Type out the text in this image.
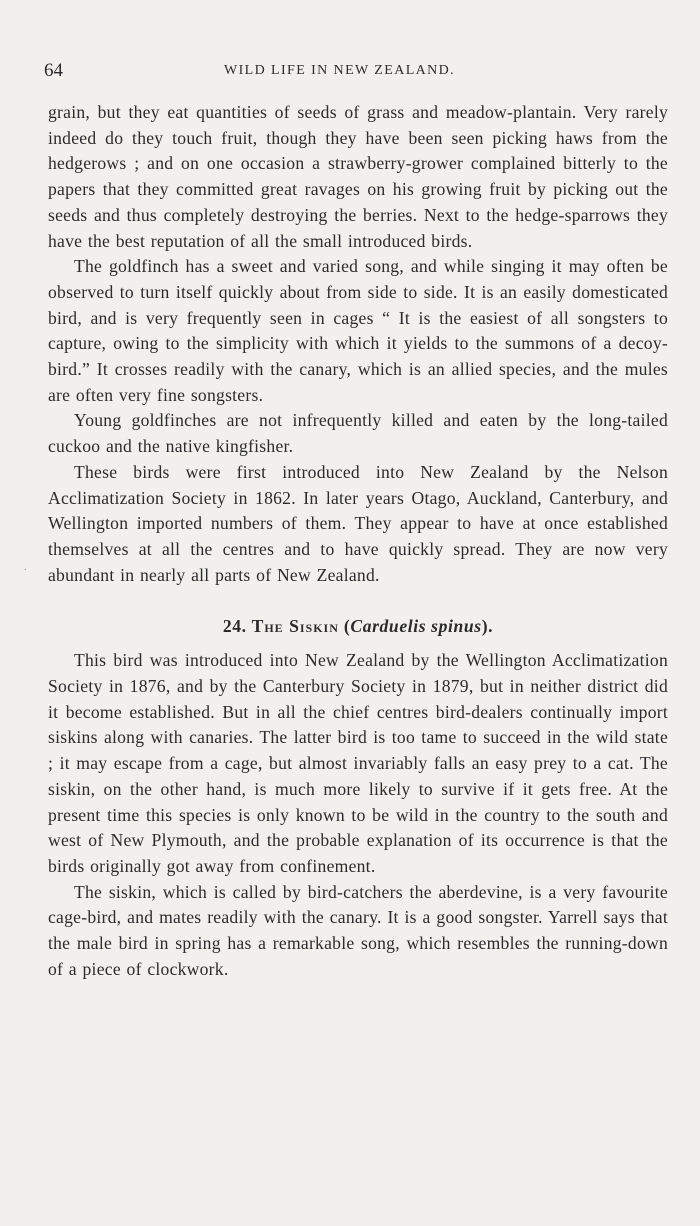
64	WILD LIFE IN NEW ZEALAND.
.

grain, but they eat quantities of seeds of grass and meadow-plantain. Very rarely indeed do they touch fruit, though they have been seen picking haws from the hedgerows ; and on one occasion a strawberry-grower complained bitterly to the papers that they committed great ravages on his growing fruit by picking out the seeds and thus completely destroying the berries. Next to the hedge-sparrows they have the best reputation of all the small introduced birds.

The goldfinch has a sweet and varied song, and while singing it may often be observed to turn itself quickly about from side to side. It is an easily domesticated bird, and is very frequently seen in cages “ It is the easiest of all songsters to capture, owing to the simplicity with which it yields to the summons of a decoy-bird.” It crosses readily with the canary, which is an allied species, and the mules are often very fine songsters.

Young goldfinches are not infrequently killed and eaten by the long-tailed cuckoo and the native kingfisher.

These birds were first introduced into New Zealand by the Nelson Acclimatization Society in 1862. In later years Otago, Auckland, Canterbury, and Wellington imported numbers of them. They appear to have at once established themselves at all the centres and to have quickly spread. They are now very abundant in nearly all parts of New Zealand.

24. The Siskin (Carduelis spinus).

This bird was introduced into New Zealand by the Wellington Acclimatization Society in 1876, and by the Canterbury Society in 1879, but in neither district did it become established. But in all the chief centres bird-dealers continually import siskins along with canaries. The latter bird is too tame to succeed in the wild state ; it may escape from a cage, but almost invariably falls an easy prey to a cat. The siskin, on the other hand, is much more likely to survive if it gets free. At the present time this species is only known to be wild in the country to the south and west of New Plymouth, and the probable explanation of its occurrence is that the birds originally got away from confinement.

The siskin, which is called by bird-catchers the aberdevine, is a very favourite cage-bird, and mates readily with the canary. It is a good songster. Yarrell says that the male bird in spring has a remarkable song, which resembles the running-down of a piece of clockwork.
